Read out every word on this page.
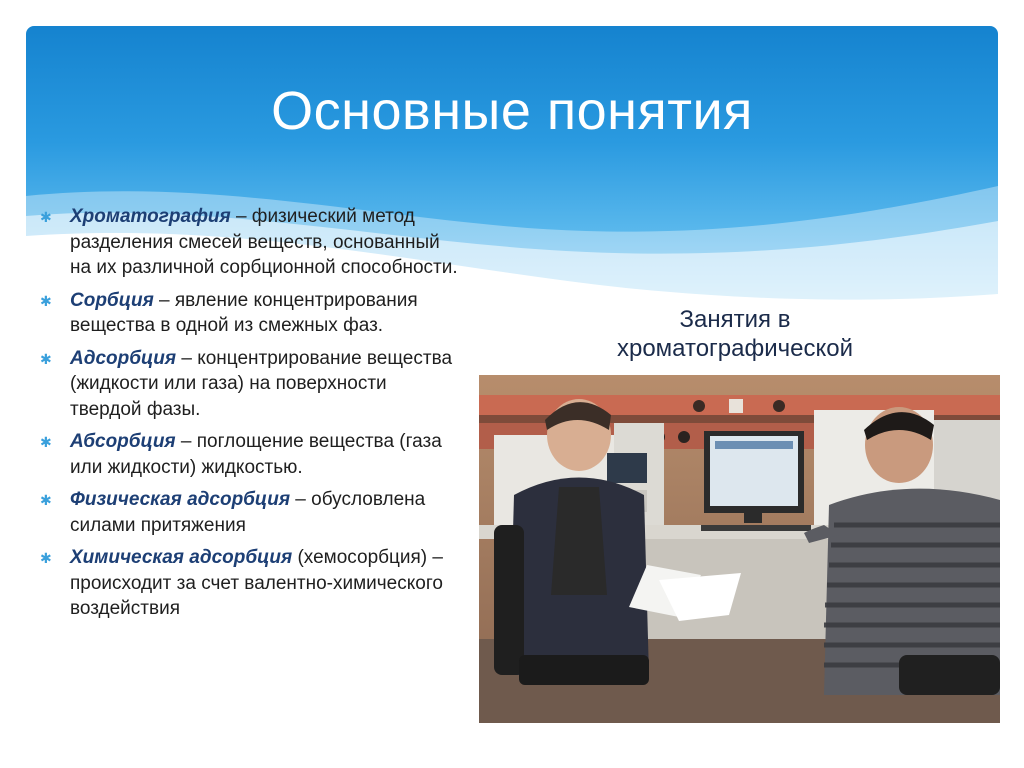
Основные понятия
✱ Хроматография – физический метод разделения смесей веществ, основанный на их различной сорбционной способности.
✱ Сорбция – явление концентрирования вещества в одной из смежных фаз.
✱ Адсорбция – концентрирование вещества (жидкости или газа) на поверхности твердой фазы.
✱ Абсорбция – поглощение вещества (газа или жидкости) жидкостью.
✱ Физическая адсорбция – обусловлена силами притяжения
✱ Химическая адсорбция (хемосорбция) – происходит за счет валентно-химического воздействия
Занятия в хроматографической
